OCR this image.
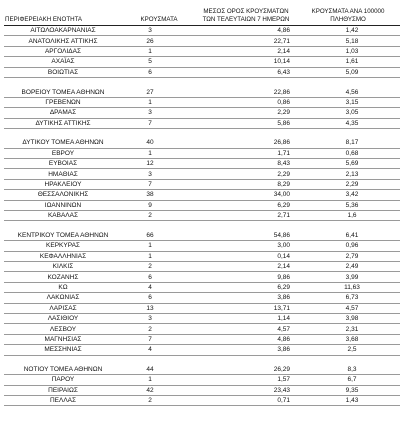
ΠΕΡΙΦΕΡΕΙΑΚΗ ΕΝΟΤΗΤΑ	ΚΡΟΥΣΜΑΤΑ	ΜΕΣΟΣ ΟΡΟΣ ΚΡΟΥΣΜΑΤΩΝ ΤΩΝ ΤΕΛΕΥΤΑΙΩΝ 7 ΗΜΕΡΩΝ	ΚΡΟΥΣΜΑΤΑ ΑΝΑ 100000 ΠΛΗΘΥΣΜΟ
ΑΙΤΩΛΟΑΚΑΡΝΑΝΙΑΣ	3	4,86	1,42
ΑΝΑΤΟΛΙΚΗΣ ΑΤΤΙΚΗΣ	26	22,71	5,18
ΑΡΓΟΛΙΔΑΣ	1	2,14	1,03
ΑΧΑΪΑΣ	5	10,14	1,61
ΒΟΙΩΤΙΑΣ	6	6,43	5,09

ΒΟΡΕΙΟΥ ΤΟΜΕΑ ΑΘΗΝΩΝ	27	22,86	4,56
ΓΡΕΒΕΝΩΝ	1	0,86	3,15
ΔΡΑΜΑΣ	3	2,29	3,05
ΔΥΤΙΚΗΣ ΑΤΤΙΚΗΣ	7	5,86	4,35

ΔΥΤΙΚΟΥ ΤΟΜΕΑ ΑΘΗΝΩΝ	40	26,86	8,17
ΕΒΡΟΥ	1	1,71	0,68
ΕΥΒΟΙΑΣ	12	8,43	5,69
ΗΜΑΘΙΑΣ	3	2,29	2,13
ΗΡΑΚΛΕΙΟΥ	7	8,29	2,29
ΘΕΣΣΑΛΟΝΙΚΗΣ	38	34,00	3,42
ΙΩΑΝΝΙΝΩΝ	9	6,29	5,36
ΚΑΒΑΛΑΣ	2	2,71	1,6

ΚΕΝΤΡΙΚΟΥ ΤΟΜΕΑ ΑΘΗΝΩΝ	66	54,86	6,41
ΚΕΡΚΥΡΑΣ	1	3,00	0,96
ΚΕΦΑΛΛΗΝΙΑΣ	1	0,14	2,79
ΚΙΛΚΙΣ	2	2,14	2,49
ΚΟΖΑΝΗΣ	6	9,86	3,99
ΚΩ	4	6,29	11,63
ΛΑΚΩΝΙΑΣ	6	3,86	6,73
ΛΑΡΙΣΑΣ	13	13,71	4,57
ΛΑΣΙΘΙΟΥ	3	1,14	3,98
ΛΕΣΒΟΥ	2	4,57	2,31
ΜΑΓΝΗΣΙΑΣ	7	4,86	3,68
ΜΕΣΣΗΝΙΑΣ	4	3,86	2,5

ΝΟΤΙΟΥ ΤΟΜΕΑ ΑΘΗΝΩΝ	44	26,29	8,3
ΠΑΡΟΥ	1	1,57	6,7
ΠΕΙΡΑΙΩΣ	42	23,43	9,35
ΠΕΛΛΑΣ	2	0,71	1,43
